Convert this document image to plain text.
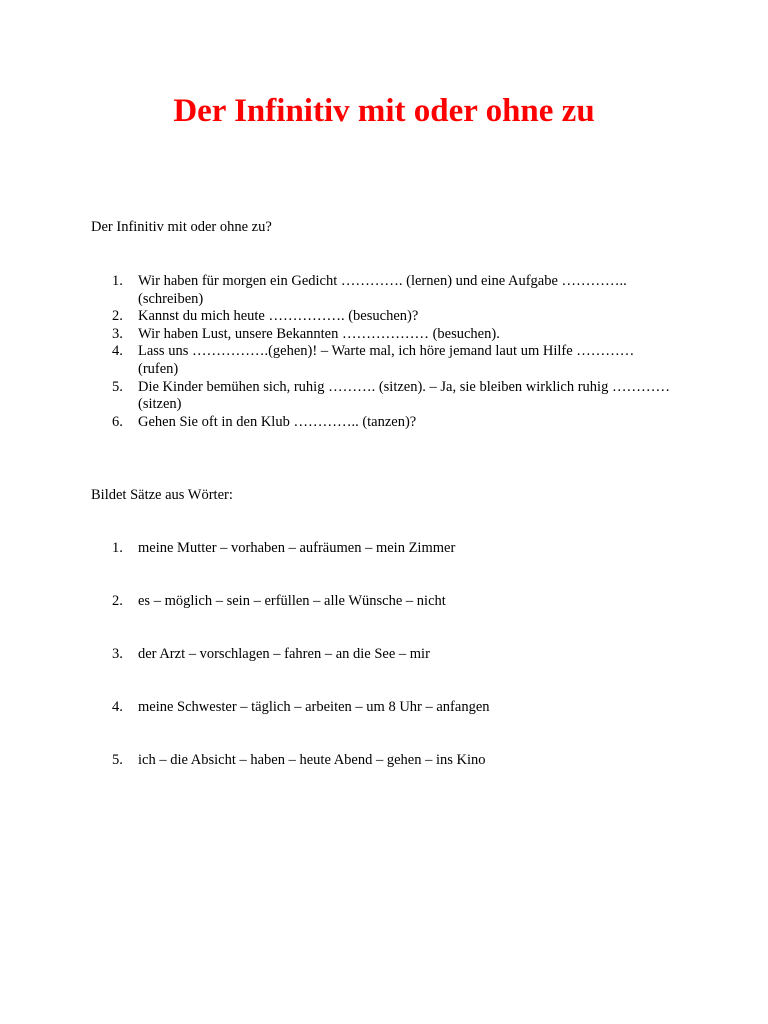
Der Infinitiv mit oder ohne zu

Der Infinitiv mit oder ohne zu?

1. Wir haben für morgen ein Gedicht …………. (lernen) und eine Aufgabe ………….. (schreiben)
2. Kannst du mich heute ……………. (besuchen)?
3. Wir haben Lust, unsere Bekannten ……………… (besuchen).
4. Lass uns …………….(gehen)! – Warte mal, ich höre jemand laut um Hilfe ………… (rufen)
5. Die Kinder bemühen sich, ruhig ………. (sitzen). – Ja, sie bleiben wirklich ruhig …………(sitzen)
6. Gehen Sie oft in den Klub ………….. (tanzen)?

Bildet Sätze aus Wörter:

1. meine Mutter – vorhaben – aufräumen – mein Zimmer
2. es – möglich – sein – erfüllen – alle Wünsche – nicht
3. der Arzt – vorschlagen – fahren – an die See – mir
4. meine Schwester – täglich – arbeiten – um 8 Uhr – anfangen
5. ich – die Absicht – haben – heute Abend – gehen – ins Kino
